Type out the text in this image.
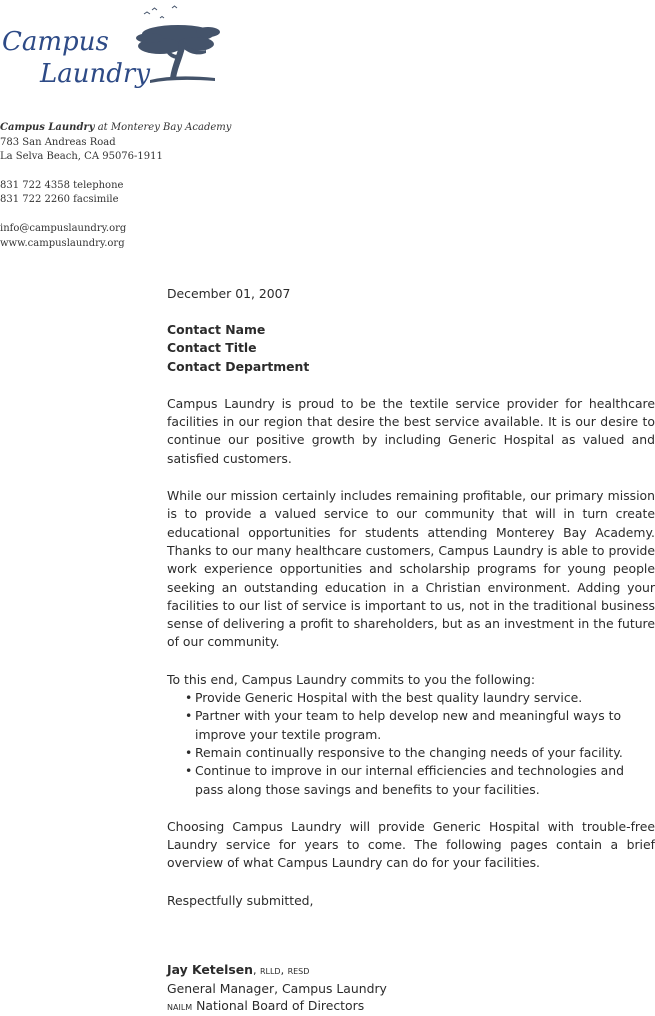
Campus
Laundry
Campus Laundry at Monterey Bay Academy
783 San Andreas Road
La Selva Beach, CA 95076-1911
831 722 4358 telephone
831 722 2260 facsimile
info@campuslaundry.org
www.campuslaundry.org
December 01, 2007
Contact Name
Contact Title
Contact Department
Campus Laundry is proud to be the textile service provider for healthcare facilities in our region that desire the best service available. It is our desire to continue our positive growth by including Generic Hospital as valued and satisfied customers.
While our mission certainly includes remaining profitable, our primary mission is to provide a valued service to our community that will in turn create educational opportunities for students attending Monterey Bay Academy. Thanks to our many healthcare customers, Campus Laundry is able to provide work experience opportunities and scholarship programs for young people seeking an outstanding education in a Christian environment. Adding your facilities to our list of service is important to us, not in the traditional business sense of delivering a profit to shareholders, but as an investment in the future of our community.
To this end, Campus Laundry commits to you the following:
• Provide Generic Hospital with the best quality laundry service.
• Partner with your team to help develop new and meaningful ways to improve your textile program.
• Remain continually responsive to the changing needs of your facility.
• Continue to improve in our internal efficiencies and technologies and pass along those savings and benefits to your facilities.
Choosing Campus Laundry will provide Generic Hospital with trouble-free Laundry service for years to come. The following pages contain a brief overview of what Campus Laundry can do for your facilities.
Respectfully submitted,
Jay Ketelsen, rlld, resd
General Manager, Campus Laundry
nailm National Board of Directors
